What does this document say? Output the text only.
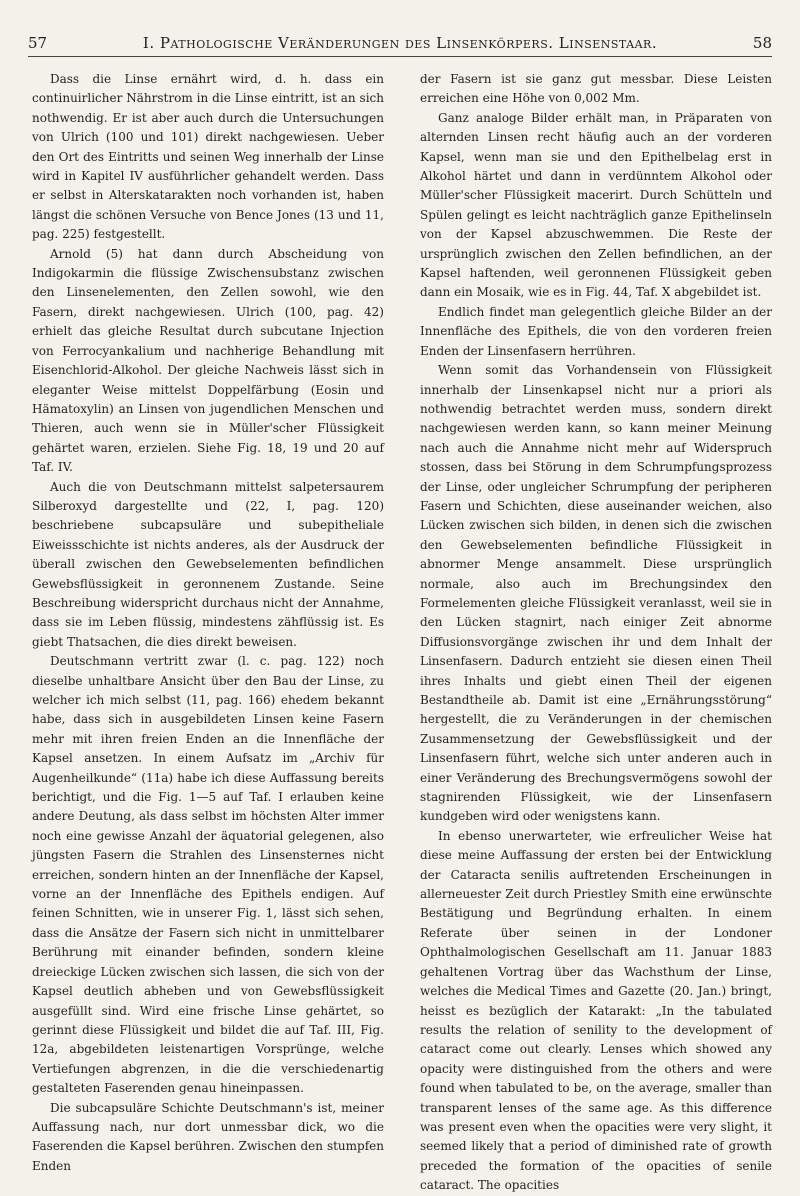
57	I. Pathologische Veränderungen des Linsenkörpers. Linsenstaar.	58

Dass die Linse ernährt wird, d. h. dass ein continuirlicher Nährstrom in die Linse eintritt, ist an sich nothwendig. Er ist aber auch durch die Untersuchungen von Ulrich (100 und 101) direkt nachgewiesen. Ueber den Ort des Eintritts und seinen Weg innerhalb der Linse wird in Kapitel IV ausführlicher gehandelt werden. Dass er selbst in Alterskatarakten noch vorhanden ist, haben längst die schönen Versuche von Bence Jones (13 und 11, pag. 225) festgestellt.

Arnold (5) hat dann durch Abscheidung von Indigokarmin die flüssige Zwischensubstanz zwischen den Linsenelementen, den Zellen sowohl, wie den Fasern, direkt nachgewiesen. Ulrich (100, pag. 42) erhielt das gleiche Resultat durch subcutane Injection von Ferrocyankalium und nachherige Behandlung mit Eisenchlorid-Alkohol. Der gleiche Nachweis lässt sich in eleganter Weise mittelst Doppelfärbung (Eosin und Hämatoxylin) an Linsen von jugendlichen Menschen und Thieren, auch wenn sie in Müller'scher Flüssigkeit gehärtet waren, erzielen. Siehe Fig. 18, 19 und 20 auf Taf. IV.

Auch die von Deutschmann mittelst salpetersaurem Silberoxyd dargestellte und (22, I, pag. 120) beschriebene subcapsuläre und subepitheliale Eiweissschichte ist nichts anderes, als der Ausdruck der überall zwischen den Gewebselementen befindlichen Gewebsflüssigkeit in geronnenem Zustande. Seine Beschreibung widerspricht durchaus nicht der Annahme, dass sie im Leben flüssig, mindestens zähflüssig ist. Es giebt Thatsachen, die dies direkt beweisen.

Deutschmann vertritt zwar (l. c. pag. 122) noch dieselbe unhaltbare Ansicht über den Bau der Linse, zu welcher ich mich selbst (11, pag. 166) ehedem bekannt habe, dass sich in ausgebildeten Linsen keine Fasern mehr mit ihren freien Enden an die Innenfläche der Kapsel ansetzen. In einem Aufsatz im „Archiv für Augenheilkunde“ (11a) habe ich diese Auffassung bereits berichtigt, und die Fig. 1—5 auf Taf. I erlauben keine andere Deutung, als dass selbst im höchsten Alter immer noch eine gewisse Anzahl der äquatorial gelegenen, also jüngsten Fasern die Strahlen des Linsensternes nicht erreichen, sondern hinten an der Innenfläche der Kapsel, vorne an der Innenfläche des Epithels endigen. Auf feinen Schnitten, wie in unserer Fig. 1, lässt sich sehen, dass die Ansätze der Fasern sich nicht in unmittelbarer Berührung mit einander befinden, sondern kleine dreieckige Lücken zwischen sich lassen, die sich von der Kapsel deutlich abheben und von Gewebsflüssigkeit ausgefüllt sind. Wird eine frische Linse gehärtet, so gerinnt diese Flüssigkeit und bildet die auf Taf. III, Fig. 12a, abgebildeten leistenartigen Vorsprünge, welche Vertiefungen abgrenzen, in die die verschiedenartig gestalteten Faserenden genau hineinpassen.

Die subcapsuläre Schichte Deutschmann's ist, meiner Auffassung nach, nur dort unmessbar dick, wo die Faserenden die Kapsel berühren. Zwischen den stumpfen Enden

der Fasern ist sie ganz gut messbar. Diese Leisten erreichen eine Höhe von 0,002 Mm.

Ganz analoge Bilder erhält man, in Präparaten von alternden Linsen recht häufig auch an der vorderen Kapsel, wenn man sie und den Epithelbelag erst in Alkohol härtet und dann in verdünntem Alkohol oder Müller'scher Flüssigkeit macerirt. Durch Schütteln und Spülen gelingt es leicht nachträglich ganze Epithelinseln von der Kapsel abzuschwemmen. Die Reste der ursprünglich zwischen den Zellen befindlichen, an der Kapsel haftenden, weil geronnenen Flüssigkeit geben dann ein Mosaik, wie es in Fig. 44, Taf. X abgebildet ist.

Endlich findet man gelegentlich gleiche Bilder an der Innenfläche des Epithels, die von den vorderen freien Enden der Linsenfasern herrühren.

Wenn somit das Vorhandensein von Flüssigkeit innerhalb der Linsenkapsel nicht nur a priori als nothwendig betrachtet werden muss, sondern direkt nachgewiesen werden kann, so kann meiner Meinung nach auch die Annahme nicht mehr auf Widerspruch stossen, dass bei Störung in dem Schrumpfungsprozess der Linse, oder ungleicher Schrumpfung der peripheren Fasern und Schichten, diese auseinander weichen, also Lücken zwischen sich bilden, in denen sich die zwischen den Gewebselementen befindliche Flüssigkeit in abnormer Menge ansammelt. Diese ursprünglich normale, also auch im Brechungsindex den Formelementen gleiche Flüssigkeit veranlasst, weil sie in den Lücken stagnirt, nach einiger Zeit abnorme Diffusionsvorgänge zwischen ihr und dem Inhalt der Linsenfasern. Dadurch entzieht sie diesen einen Theil ihres Inhalts und giebt einen Theil der eigenen Bestandtheile ab. Damit ist eine „Ernährungsstörung“ hergestellt, die zu Veränderungen in der chemischen Zusammensetzung der Gewebsflüssigkeit und der Linsenfasern führt, welche sich unter anderen auch in einer Veränderung des Brechungsvermögens sowohl der stagnirenden Flüssigkeit, wie der Linsenfasern kundgeben wird oder wenigstens kann.

In ebenso unerwarteter, wie erfreulicher Weise hat diese meine Auffassung der ersten bei der Entwicklung der Cataracta senilis auftretenden Erscheinungen in allerneuester Zeit durch Priestley Smith eine erwünschte Bestätigung und Begründung erhalten. In einem Referate über seinen in der Londoner Ophthalmologischen Gesellschaft am 11. Januar 1883 gehaltenen Vortrag über das Wachsthum der Linse, welches die Medical Times and Gazette (20. Jan.) bringt, heisst es bezüglich der Katarakt: „In the tabulated results the relation of senility to the development of cataract come out clearly. Lenses which showed any opacity were distinguished from the others and were found when tabulated to be, on the average, smaller than transparent lenses of the same age. As this difference was present even when the opacities were very slight, it seemed likely that a period of diminished rate of growth preceded the formation of the opacities of senile cataract. The opacities
